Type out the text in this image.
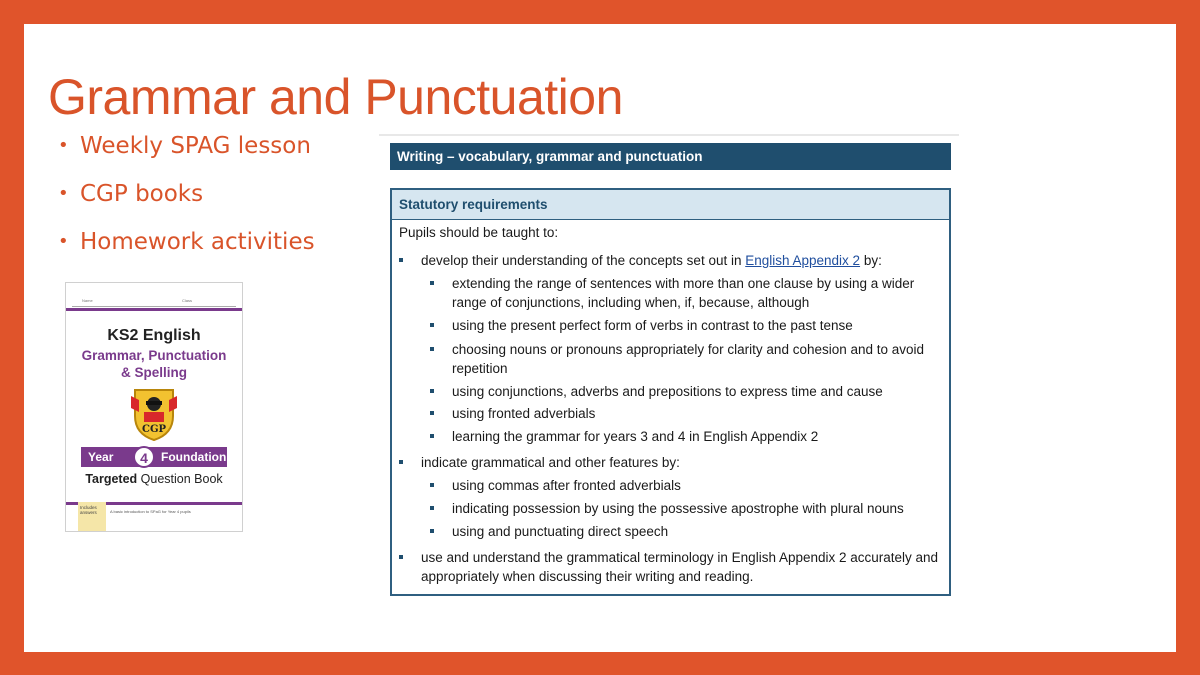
Grammar and Punctuation
• Weekly SPAG lesson
• CGP books
• Homework activities
Name	Class
KS2 English
Grammar, Punctuation
& Spelling
CGP
Year	4	Foundation
Targeted Question Book
Includes answers	A basic introduction to SPaG for Year 4 pupils
Writing – vocabulary, grammar and punctuation
Statutory requirements
Pupils should be taught to:
develop their understanding of the concepts set out in English Appendix 2 by:
extending the range of sentences with more than one clause by using a wider range of conjunctions, including when, if, because, although
using the present perfect form of verbs in contrast to the past tense
choosing nouns or pronouns appropriately for clarity and cohesion and to avoid repetition
using conjunctions, adverbs and prepositions to express time and cause
using fronted adverbials
learning the grammar for years 3 and 4 in English Appendix 2
indicate grammatical and other features by:
using commas after fronted adverbials
indicating possession by using the possessive apostrophe with plural nouns
using and punctuating direct speech
use and understand the grammatical terminology in English Appendix 2 accurately and appropriately when discussing their writing and reading.
